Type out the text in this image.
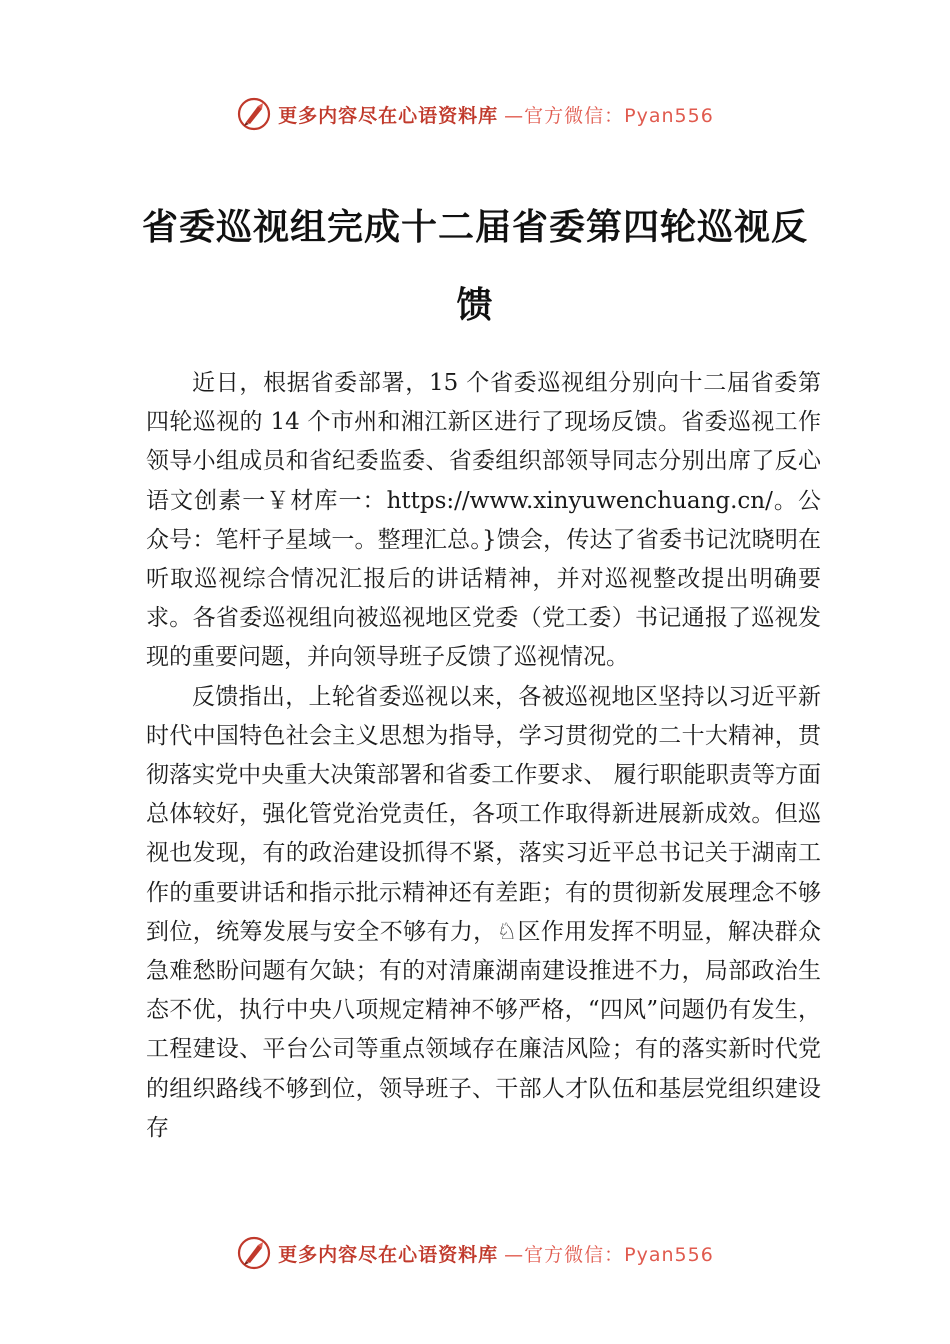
更多内容尽在心语资料库 —官方微信：Pyan556
省委巡视组完成十二届省委第四轮巡视反馈

近日，根据省委部署，15 个省委巡视组分别向十二届省委第四轮巡视的 14 个市州和湘江新区进行了现场反馈。省委巡视工作领导小组成员和省纪委监委、省委组织部领导同志分别出席了反心语文创素一￥材库一：https://www.xinyuwenchuang.cn/。公众号：笔杆子星域一。整理汇总。}馈会，传达了省委书记沈晓明在听取巡视综合情况汇报后的讲话精神，并对巡视整改提出明确要求。各省委巡视组向被巡视地区党委（党工委）书记通报了巡视发现的重要问题，并向领导班子反馈了巡视情况。

反馈指出，上轮省委巡视以来，各被巡视地区坚持以习近平新时代中国特色社会主义思想为指导，学习贯彻党的二十大精神，贯彻落实党中央重大决策部署和省委工作要求、 履行职能职责等方面总体较好，强化管党治党责任，各项工作取得新进展新成效。但巡视也发现，有的政治建设抓得不紧，落实习近平总书记关于湖南工作的重要讲话和指示批示精神还有差距；有的贯彻新发展理念不够到位，统筹发展与安全不够有力，♘区作用发挥不明显，解决群众急难愁盼问题有欠缺；有的对清廉湖南建设推进不力，局部政治生态不优，执行中央八项规定精神不够严格，“四风”问题仍有发生，工程建设、平台公司等重点领域存在廉洁风险；有的落实新时代党的组织路线不够到位，领导班子、干部人才队伍和基层党组织建设存

更多内容尽在心语资料库 —官方微信：Pyan556
